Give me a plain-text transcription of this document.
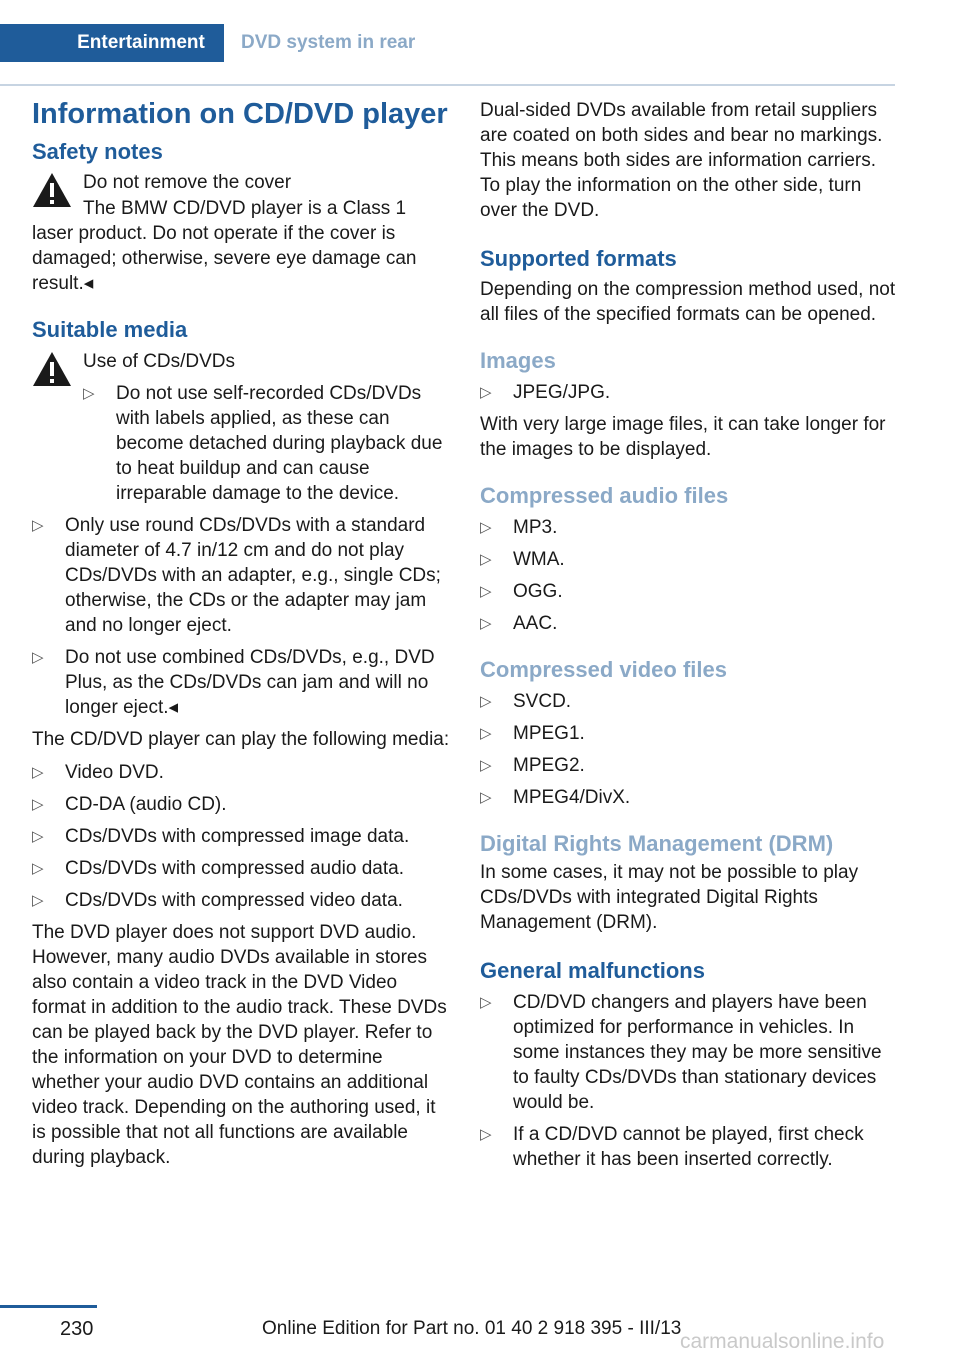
Entertainment	DVD system in rear
Information on CD/DVD player
Safety notes

Do not remove the cover

The BMW CD/DVD player is a Class 1 laser product. Do not operate if the cover is damaged; otherwise, severe eye damage can result.◂

Suitable media

Use of CDs/DVDs

▷ Do not use self-recorded CDs/DVDs with labels applied, as these can become detached during playback due to heat buildup and can cause irreparable damage to the device.
▷ Only use round CDs/DVDs with a standard diameter of 4.7 in/12 cm and do not play CDs/DVDs with an adapter, e.g., single CDs; otherwise, the CDs or the adapter may jam and no longer eject.
▷ Do not use combined CDs/DVDs, e.g., DVD Plus, as the CDs/DVDs can jam and will no longer eject.◂

The CD/DVD player can play the following media:

▷ Video DVD.
▷ CD-DA (audio CD).
▷ CDs/DVDs with compressed image data.
▷ CDs/DVDs with compressed audio data.
▷ CDs/DVDs with compressed video data.

The DVD player does not support DVD audio. However, many audio DVDs available in stores also contain a video track in the DVD Video format in addition to the audio track. These DVDs can be played back by the DVD player. Refer to the information on your DVD to determine whether your audio DVD contains an additional video track. Depending on the authoring used, it is possible that not all functions are available during playback.

Dual-sided DVDs available from retail suppliers are coated on both sides and bear no markings. This means both sides are information carriers. To play the information on the other side, turn over the DVD.

Supported formats

Depending on the compression method used, not all files of the specified formats can be opened.

Images
▷ JPEG/JPG.

With very large image files, it can take longer for the images to be displayed.

Compressed audio files
▷ MP3.
▷ WMA.
▷ OGG.
▷ AAC.
Compressed video files
▷ SVCD.
▷ MPEG1.
▷ MPEG2.
▷ MPEG4/DivX.
Digital Rights Management (DRM)

In some cases, it may not be possible to play CDs/DVDs with integrated Digital Rights Management (DRM).

General malfunctions
▷ CD/DVD changers and players have been optimized for performance in vehicles. In some instances they may be more sensitive to faulty CDs/DVDs than stationary devices would be.
▷ If a CD/DVD cannot be played, first check whether it has been inserted correctly.
230	Online Edition for Part no. 01 40 2 918 395 - III/13
carmanualsonline.info
